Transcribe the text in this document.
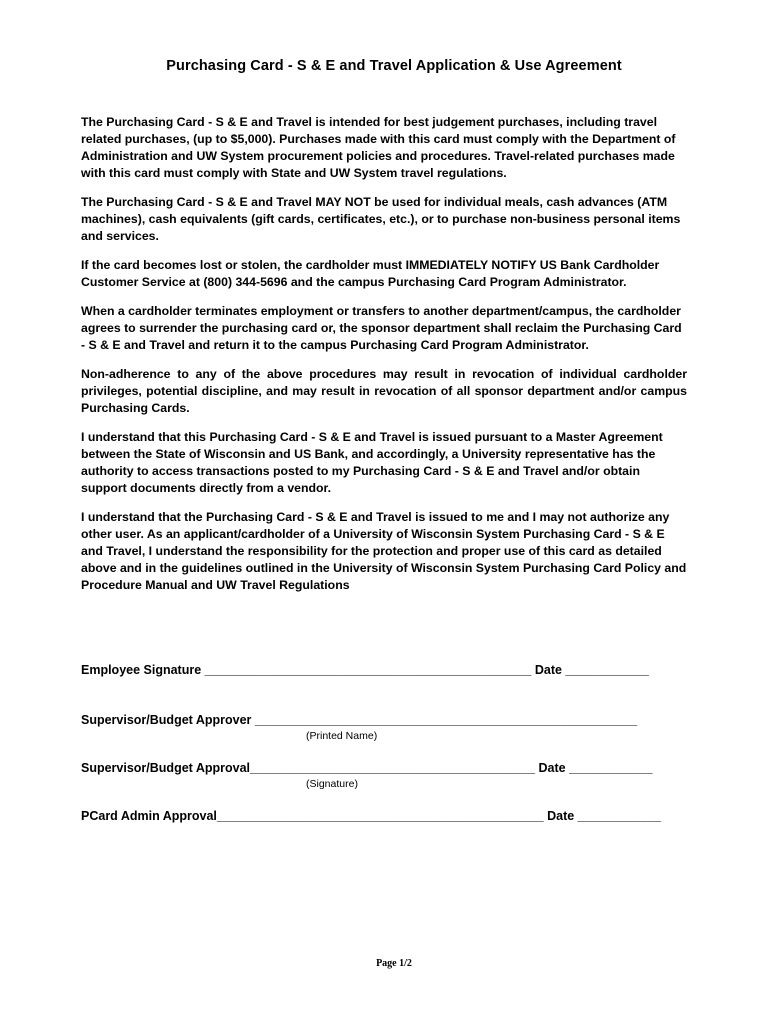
Purchasing Card - S & E and Travel Application & Use Agreement

The Purchasing Card - S & E and Travel is intended for best judgement purchases, including travel related purchases, (up to $5,000). Purchases made with this card must comply with the Department of Administration and UW System procurement policies and procedures. Travel-related purchases made with this card must comply with State and UW System travel regulations.

The Purchasing Card - S & E and Travel MAY NOT be used for individual meals, cash advances (ATM machines), cash equivalents (gift cards, certificates, etc.), or to purchase non-business personal items and services.

If the card becomes lost or stolen, the cardholder must IMMEDIATELY NOTIFY US Bank Cardholder Customer Service at (800) 344-5696 and the campus Purchasing Card Program Administrator.

When a cardholder terminates employment or transfers to another department/campus, the cardholder agrees to surrender the purchasing card or, the sponsor department shall reclaim the Purchasing Card - S & E and Travel and return it to the campus Purchasing Card Program Administrator.

Non-adherence to any of the above procedures may result in revocation of individual cardholder privileges, potential discipline, and may result in revocation of all sponsor department and/or campus Purchasing Cards.

I understand that this Purchasing Card - S & E and Travel is issued pursuant to a Master Agreement between the State of Wisconsin and US Bank, and accordingly, a University representative has the authority to access transactions posted to my Purchasing Card - S & E and Travel and/or obtain support documents directly from a vendor.

I understand that the Purchasing Card - S & E and Travel is issued to me and I may not authorize any other user. As an applicant/cardholder of a University of Wisconsin System Purchasing Card - S & E and Travel, I understand the responsibility for the protection and proper use of this card as detailed above and in the guidelines outlined in the University of Wisconsin System Purchasing Card Policy and Procedure Manual and UW Travel Regulations

Employee Signature _______________________________________________ Date ____________
Supervisor/Budget Approver _______________________________________________________
(Printed Name)
Supervisor/Budget Approval_________________________________________ Date ____________
(Signature)
PCard Admin Approval_______________________________________________ Date ____________
Page 1/2
